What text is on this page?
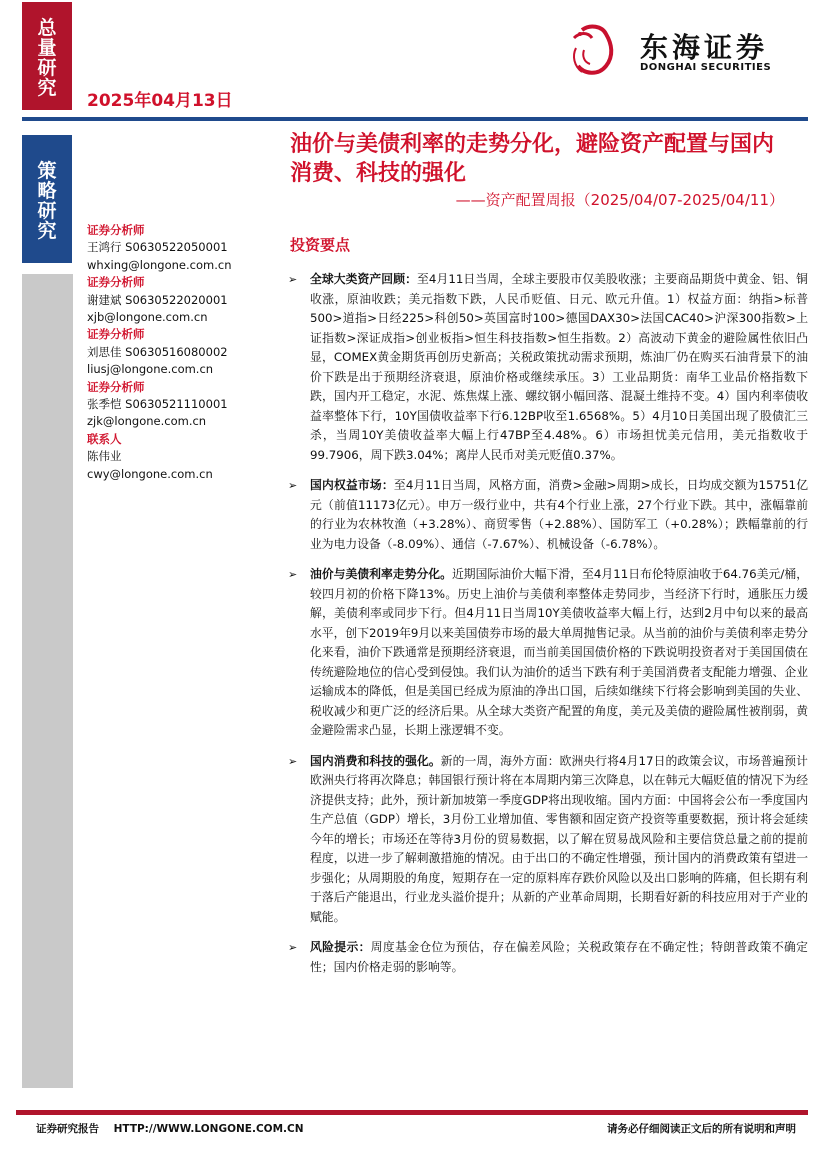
总量研究
2025年04月13日
东海证券
DONGHAI SECURITIES
策略研究	证券分析师
王鸿行 S0630522050001
whxing@longone.com.cn
证券分析师
谢建斌 S0630522020001
xjb@longone.com.cn
证券分析师
刘思佳 S0630516080002
liusj@longone.com.cn
证券分析师
张季恺 S0630521110001
zjk@longone.com.cn
联系人
陈伟业
cwy@longone.com.cn
油价与美债利率的走势分化，避险资产配置与国内消费、科技的强化
——资产配置周报（2025/04/07-2025/04/11）
投资要点
➢ 全球大类资产回顾：至4月11日当周，全球主要股市仅美股收涨；主要商品期货中黄金、铝、铜收涨，原油收跌；美元指数下跌，人民币贬值、日元、欧元升值。1）权益方面：纳指>标普500>道指>日经225>科创50>英国富时100>德国DAX30>法国CAC40>沪深300指数>上证指数>深证成指>创业板指>恒生科技指数>恒生指数。2）高波动下黄金的避险属性依旧凸显，COMEX黄金期货再创历史新高；关税政策扰动需求预期，炼油厂仍在购买石油背景下的油价下跌是出于预期经济衰退，原油价格或继续承压。3）工业品期货：南华工业品价格指数下跌，国内开工稳定，水泥、炼焦煤上涨、螺纹钢小幅回落、混凝土维持不变。4）国内利率债收益率整体下行，10Y国债收益率下行6.12BP收至1.6568%。5）4月10日美国出现了股债汇三杀，当周10Y美债收益率大幅上行47BP至4.48%。6）市场担忧美元信用，美元指数收于99.7906，周下跌3.04%；离岸人民币对美元贬值0.37%。
➢ 国内权益市场：至4月11日当周，风格方面，消费>金融>周期>成长，日均成交额为15751亿元（前值11173亿元）。申万一级行业中，共有4个行业上涨，27个行业下跌。其中，涨幅靠前的行业为农林牧渔（+3.28%）、商贸零售（+2.88%）、国防军工（+0.28%）；跌幅靠前的行业为电力设备（-8.09%）、通信（-7.67%）、机械设备（-6.78%）。
➢ 油价与美债利率走势分化。近期国际油价大幅下滑，至4月11日布伦特原油收于64.76美元/桶，较四月初的价格下降13%。历史上油价与美债利率整体走势同步，当经济下行时，通胀压力缓解，美债利率或同步下行。但4月11日当周10Y美债收益率大幅上行，达到2月中旬以来的最高水平，创下2019年9月以来美国债券市场的最大单周抛售记录。从当前的油价与美债利率走势分化来看，油价下跌通常是预期经济衰退，而当前美国国债价格的下跌说明投资者对于美国国债在传统避险地位的信心受到侵蚀。我们认为油价的适当下跌有利于美国消费者支配能力增强、企业运输成本的降低，但是美国已经成为原油的净出口国，后续如继续下行将会影响到美国的失业、税收减少和更广泛的经济后果。从全球大类资产配置的角度，美元及美债的避险属性被削弱，黄金避险需求凸显，长期上涨逻辑不变。
➢ 国内消费和科技的强化。新的一周，海外方面：欧洲央行将4月17日的政策会议，市场普遍预计欧洲央行将再次降息；韩国银行预计将在本周期内第三次降息，以在韩元大幅贬值的情况下为经济提供支持；此外，预计新加坡第一季度GDP将出现收缩。国内方面：中国将会公布一季度国内生产总值（GDP）增长，3月份工业增加值、零售额和固定资产投资等重要数据，预计将会延续今年的增长；市场还在等待3月份的贸易数据，以了解在贸易战风险和主要信贷总量之前的提前程度，以进一步了解刺激措施的情况。由于出口的不确定性增强，预计国内的消费政策有望进一步强化；从周期股的角度，短期存在一定的原料库存跌价风险以及出口影响的阵痛，但长期有利于落后产能退出，行业龙头溢价提升；从新的产业革命周期，长期看好新的科技应用对于产业的赋能。
➢ 风险提示：周度基金仓位为预估，存在偏差风险；关税政策存在不确定性；特朗普政策不确定性；国内价格走弱的影响等。
证券研究报告    HTTP://WWW.LONGONE.COM.CN	请务必仔细阅读正文后的所有说明和声明
